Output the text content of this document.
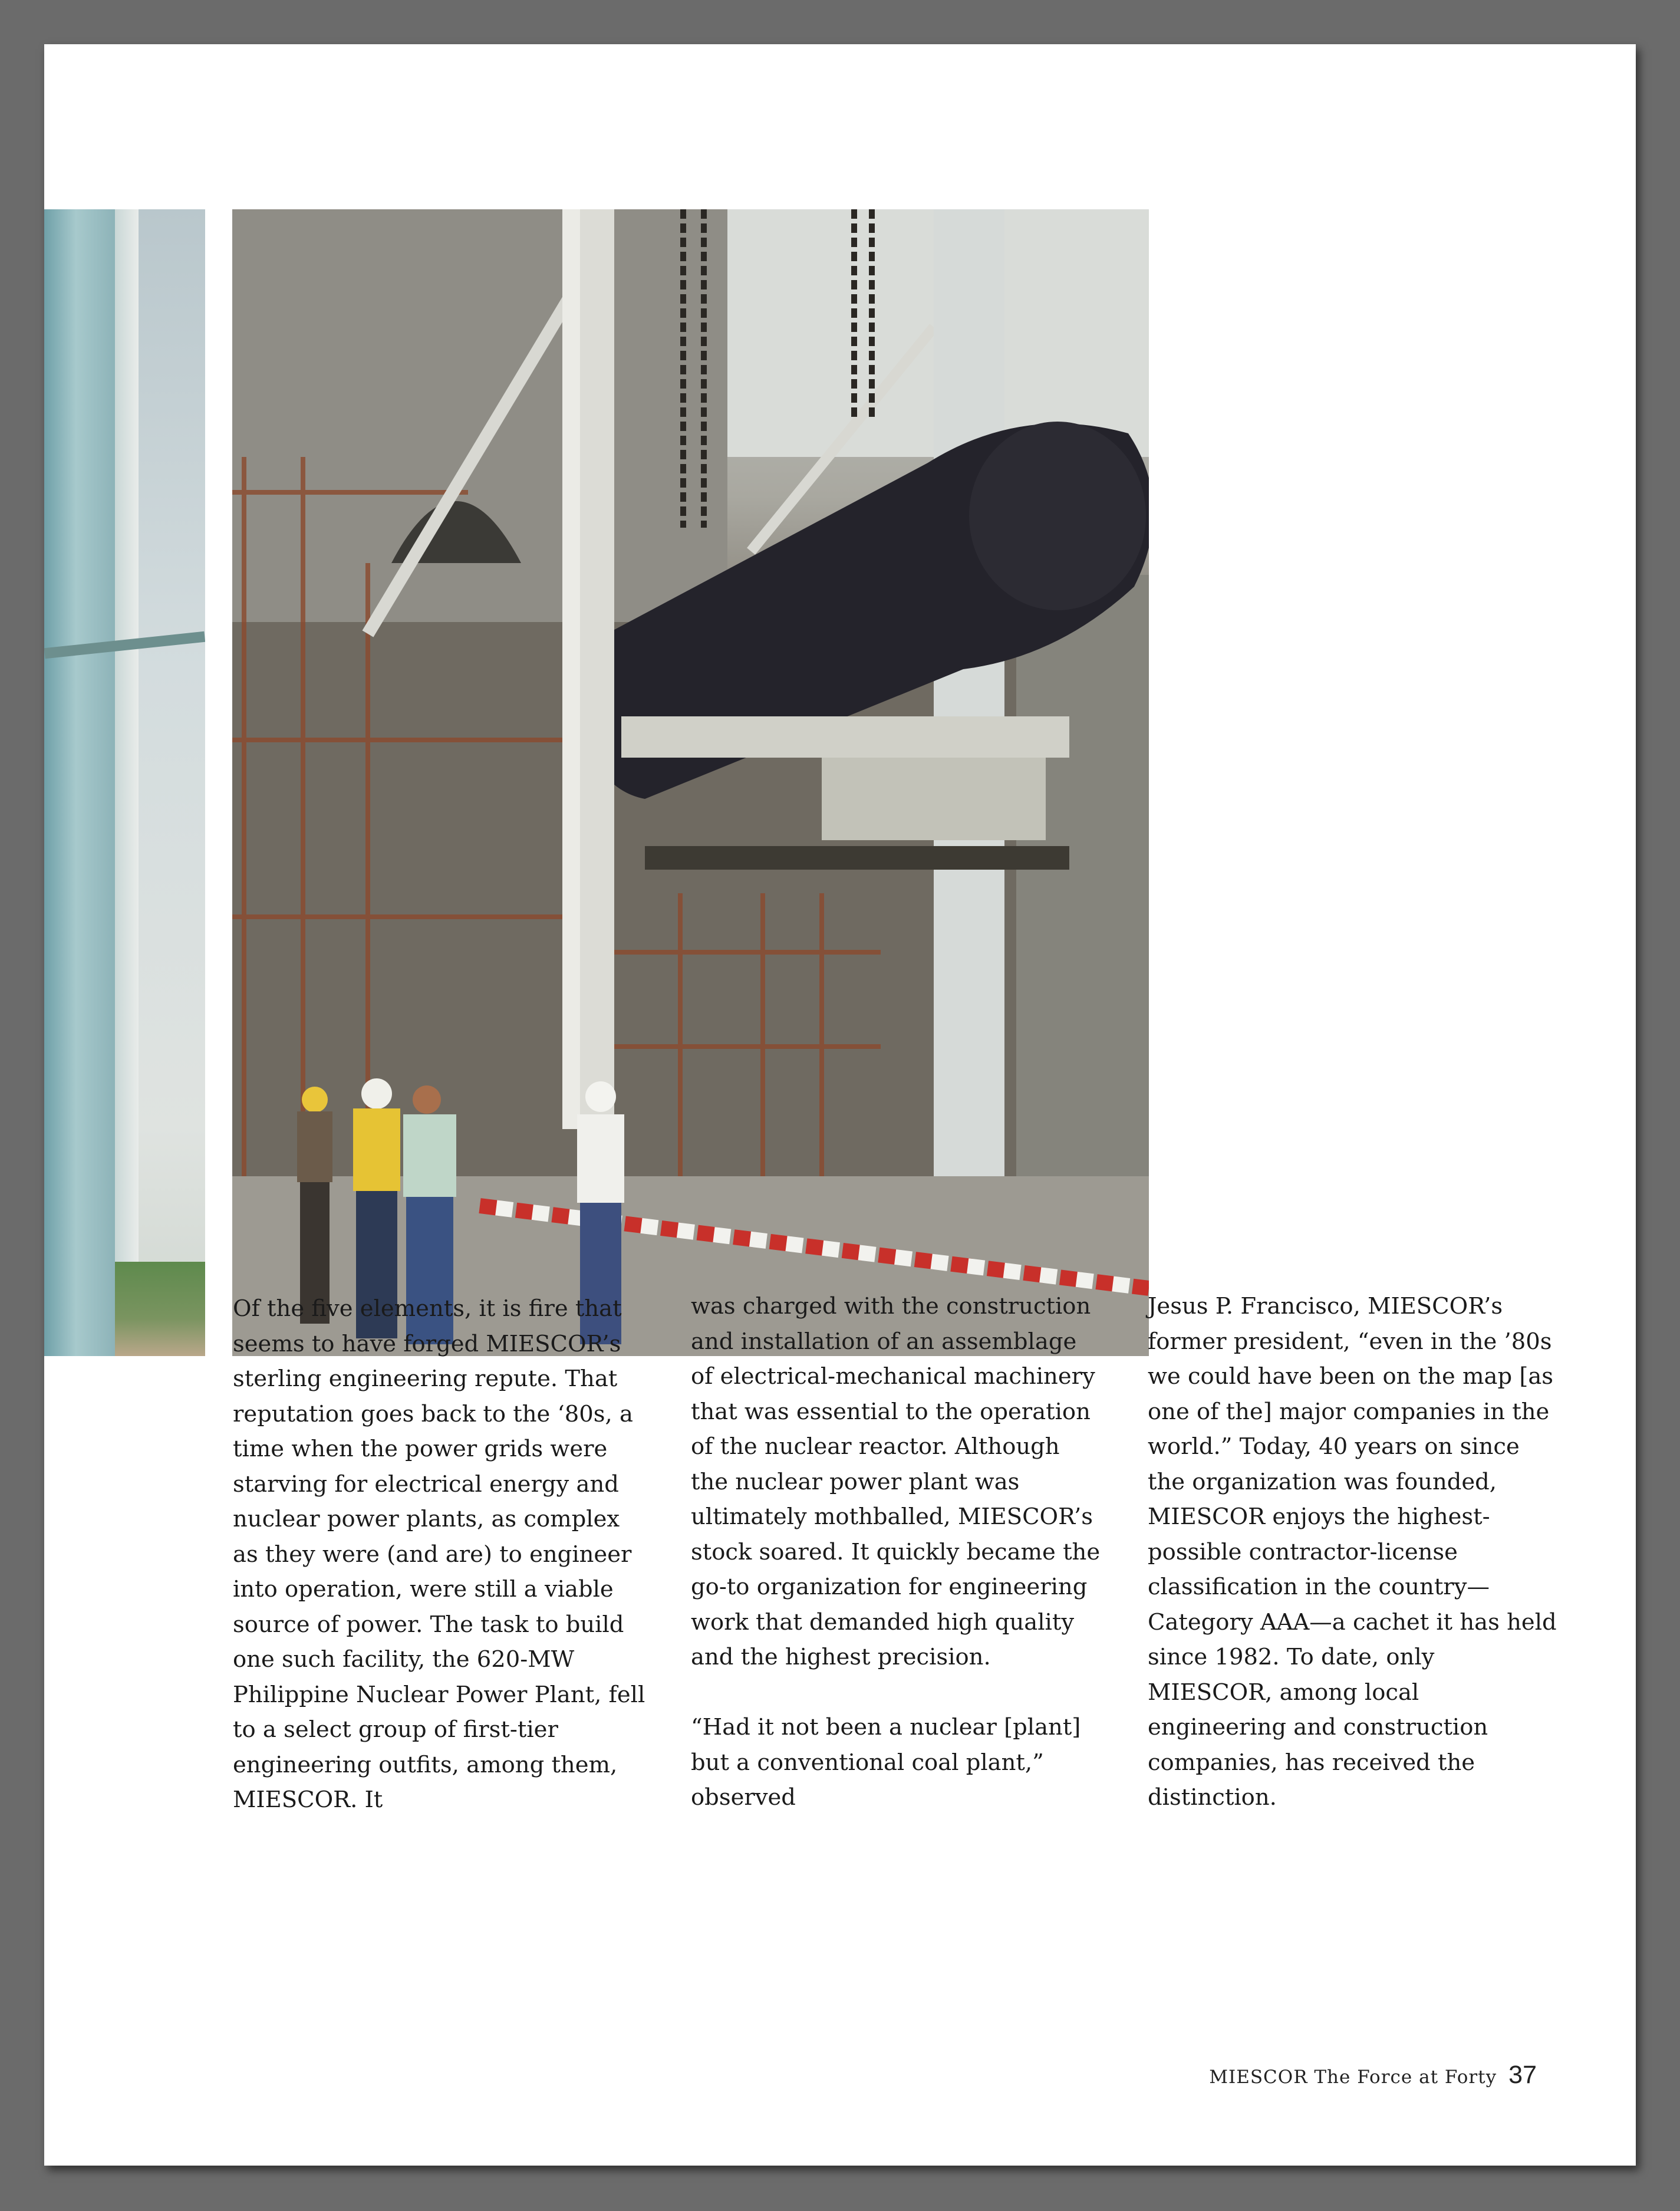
Of the five elements, it is fire that seems to have forged MIESCOR’s sterling engineering repute. That reputation goes back to the ‘80s, a time when the power grids were starving for electrical energy and nuclear power plants, as complex as they were (and are) to engineer into operation, were still a viable source of power. The task to build one such facility, the 620-MW Philippine Nuclear Power Plant, fell to a select group of first-tier engineering outfits, among them, MIESCOR. It

was charged with the construction and installation of an assemblage of electrical-mechanical machinery that was essential to the operation of the nuclear reactor. Although the nuclear power plant was ultimately mothballed, MIESCOR’s stock soared. It quickly became the go-to organization for engineering work that demanded high quality and the highest precision.

“Had it not been a nuclear [plant] but a conventional coal plant,” observed

Jesus P. Francisco, MIESCOR’s former president, “even in the ’80s we could have been on the map [as one of the] major companies in the world.” Today, 40 years on since the organization was founded, MIESCOR enjoys the highest-possible contractor-license classification in the country—Category AAA—a cachet it has held since 1982. To date, only MIESCOR, among local engineering and construction companies, has received the distinction.

MIESCOR The Force at Forty 37
